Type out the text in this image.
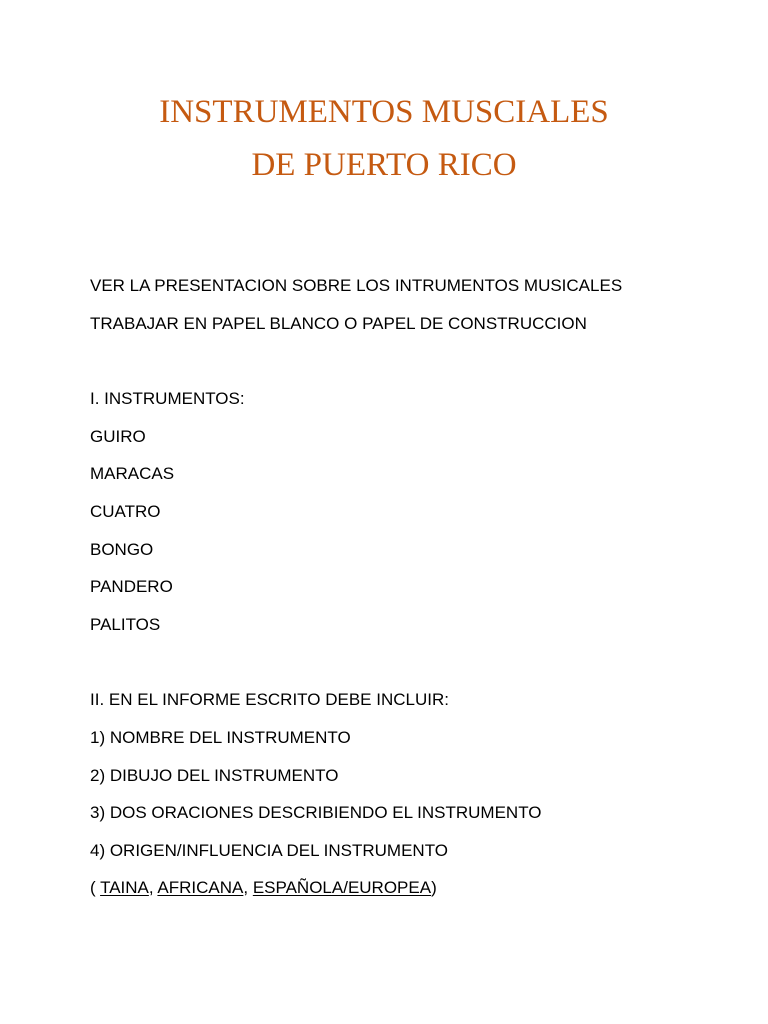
INSTRUMENTOS MUSCIALES
DE PUERTO RICO
VER LA PRESENTACION SOBRE LOS INTRUMENTOS MUSICALES
TRABAJAR EN PAPEL BLANCO O PAPEL DE CONSTRUCCION
I. INSTRUMENTOS:
GUIRO
MARACAS
CUATRO
BONGO
PANDERO
PALITOS
II. EN EL INFORME ESCRITO DEBE INCLUIR:
1) NOMBRE DEL INSTRUMENTO
2) DIBUJO DEL INSTRUMENTO
3) DOS ORACIONES DESCRIBIENDO EL INSTRUMENTO
4) ORIGEN/INFLUENCIA DEL INSTRUMENTO
( TAINA, AFRICANA, ESPAÑOLA/EUROPEA)
